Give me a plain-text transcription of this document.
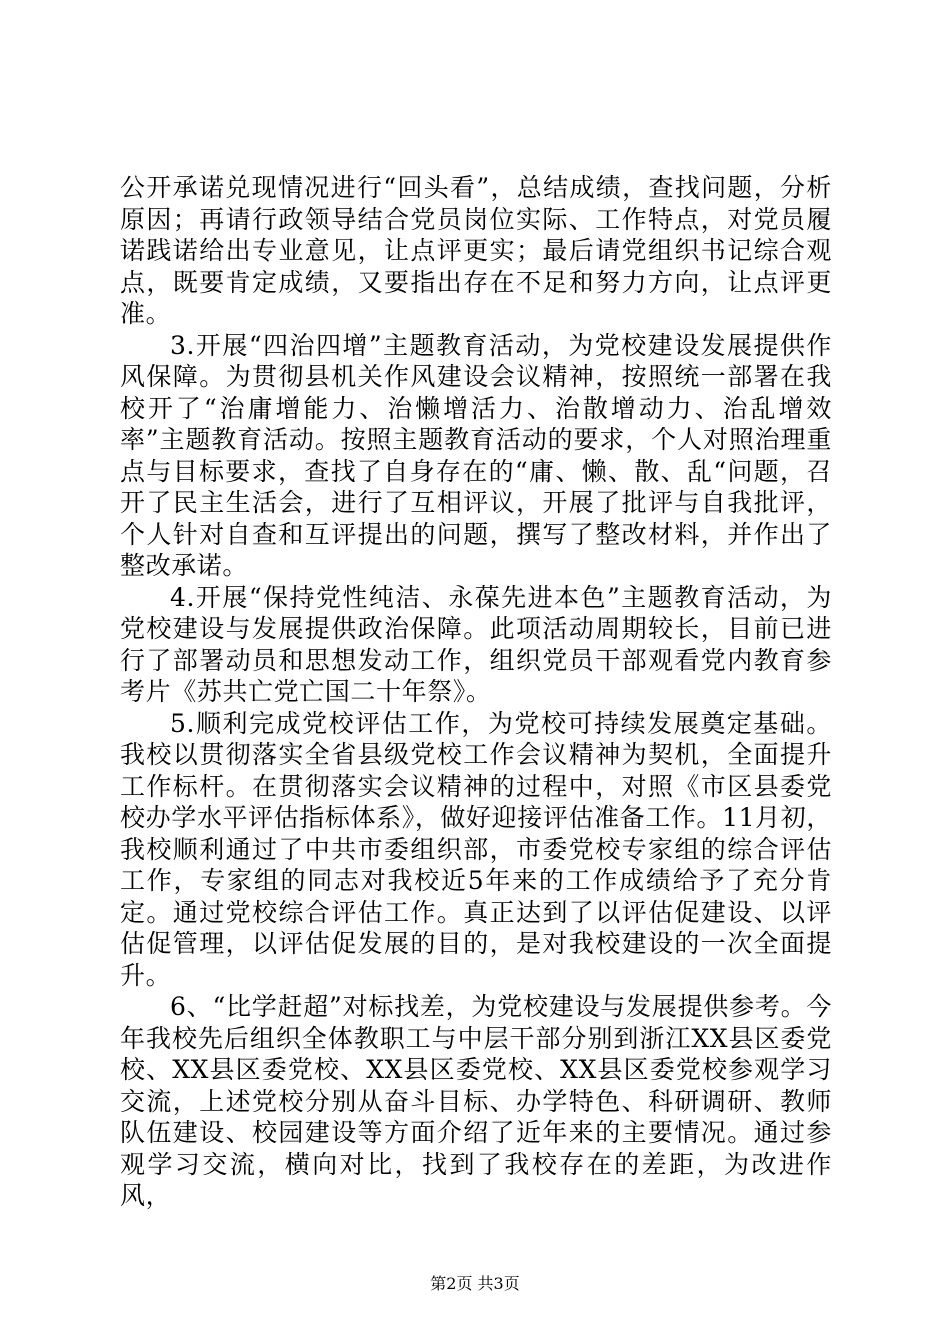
公开承诺兑现情况进行“回头看”，总结成绩，查找问题，分析原因；再请行政领导结合党员岗位实际、工作特点，对党员履诺践诺给出专业意见，让点评更实；最后请党组织书记综合观点，既要肯定成绩，又要指出存在不足和努力方向，让点评更准。

3.开展“四治四增”主题教育活动，为党校建设发展提供作风保障。为贯彻县机关作风建设会议精神，按照统一部署在我校开了“治庸增能力、治懒增活力、治散增动力、治乱增效率”主题教育活动。按照主题教育活动的要求，个人对照治理重点与目标要求，查找了自身存在的“庸、懒、散、乱“问题，召开了民主生活会，进行了互相评议，开展了批评与自我批评，个人针对自查和互评提出的问题，撰写了整改材料，并作出了整改承诺。

4.开展“保持党性纯洁、永葆先进本色”主题教育活动，为党校建设与发展提供政治保障。此项活动周期较长，目前已进行了部署动员和思想发动工作，组织党员干部观看党内教育参考片《苏共亡党亡国二十年祭》。

5.顺利完成党校评估工作，为党校可持续发展奠定基础。我校以贯彻落实全省县级党校工作会议精神为契机，全面提升工作标杆。在贯彻落实会议精神的过程中，对照《市区县委党校办学水平评估指标体系》，做好迎接评估准备工作。11月初，我校顺利通过了中共市委组织部，市委党校专家组的综合评估工作，专家组的同志对我校近5年来的工作成绩给予了充分肯定。通过党校综合评估工作。真正达到了以评估促建设、以评估促管理，以评估促发展的目的，是对我校建设的一次全面提升。

6、“比学赶超”对标找差，为党校建设与发展提供参考。今年我校先后组织全体教职工与中层干部分别到浙江XX县区委党校、XX县区委党校、XX县区委党校、XX县区委党校参观学习交流，上述党校分别从奋斗目标、办学特色、科研调研、教师队伍建设、校园建设等方面介绍了近年来的主要情况。通过参观学习交流，横向对比，找到了我校存在的差距，为改进作风，

第2页 共3页
